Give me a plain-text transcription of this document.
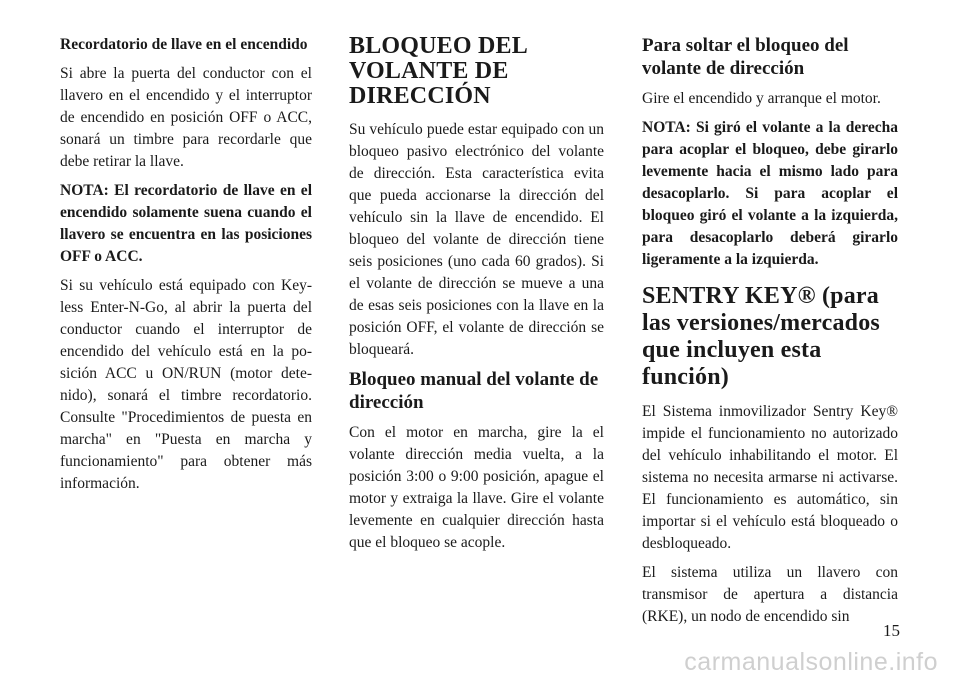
Recordatorio de llave en el encendido

Si abre la puerta del conductor con el llavero en el encendido y el interruptor de encendido en posición OFF o ACC, sonará un timbre para recordarle que debe retirar la llave.

NOTA: El recordatorio de llave en el encendido solamente suena cuando el llavero se encuentra en las posiciones OFF o ACC.

Si su vehículo está equipado con Keyless Enter-N-Go, al abrir la puerta del conductor cuando el interruptor de encendido del vehículo está en la posición ACC u ON/RUN (motor detenido), sonará el timbre recordatorio. Consulte "Procedimientos de puesta en marcha" en "Puesta en marcha y funcionamiento" para obtener más información.

BLOQUEO DEL VOLANTE DE DIRECCIÓN

Su vehículo puede estar equipado con un bloqueo pasivo electrónico del volante de dirección. Esta característica evita que pueda accionarse la dirección del vehículo sin la llave de encendido. El bloqueo del volante de dirección tiene seis posiciones (uno cada 60 grados). Si el volante de dirección se mueve a una de esas seis posiciones con la llave en la posición OFF, el volante de dirección se bloqueará.

Bloqueo manual del volante de dirección

Con el motor en marcha, gire la el volante dirección media vuelta, a la posición 3:00 o 9:00 posición, apague el motor y extraiga la llave. Gire el volante levemente en cualquier dirección hasta que el bloqueo se acople.

Para soltar el bloqueo del volante de dirección

Gire el encendido y arranque el motor.

NOTA: Si giró el volante a la derecha para acoplar el bloqueo, debe girarlo levemente hacia el mismo lado para desacoplarlo. Si para acoplar el bloqueo giró el volante a la izquierda, para desacoplarlo deberá girarlo ligeramente a la izquierda.

SENTRY KEY® (para las versiones/mercados que incluyen esta función)

El Sistema inmovilizador Sentry Key® impide el funcionamiento no autorizado del vehículo inhabilitando el motor. El sistema no necesita armarse ni activarse. El funcionamiento es automático, sin importar si el vehículo está bloqueado o desbloqueado.

El sistema utiliza un llavero con transmisor de apertura a distancia (RKE), un nodo de encendido sin

15
carmanualsonline.info
